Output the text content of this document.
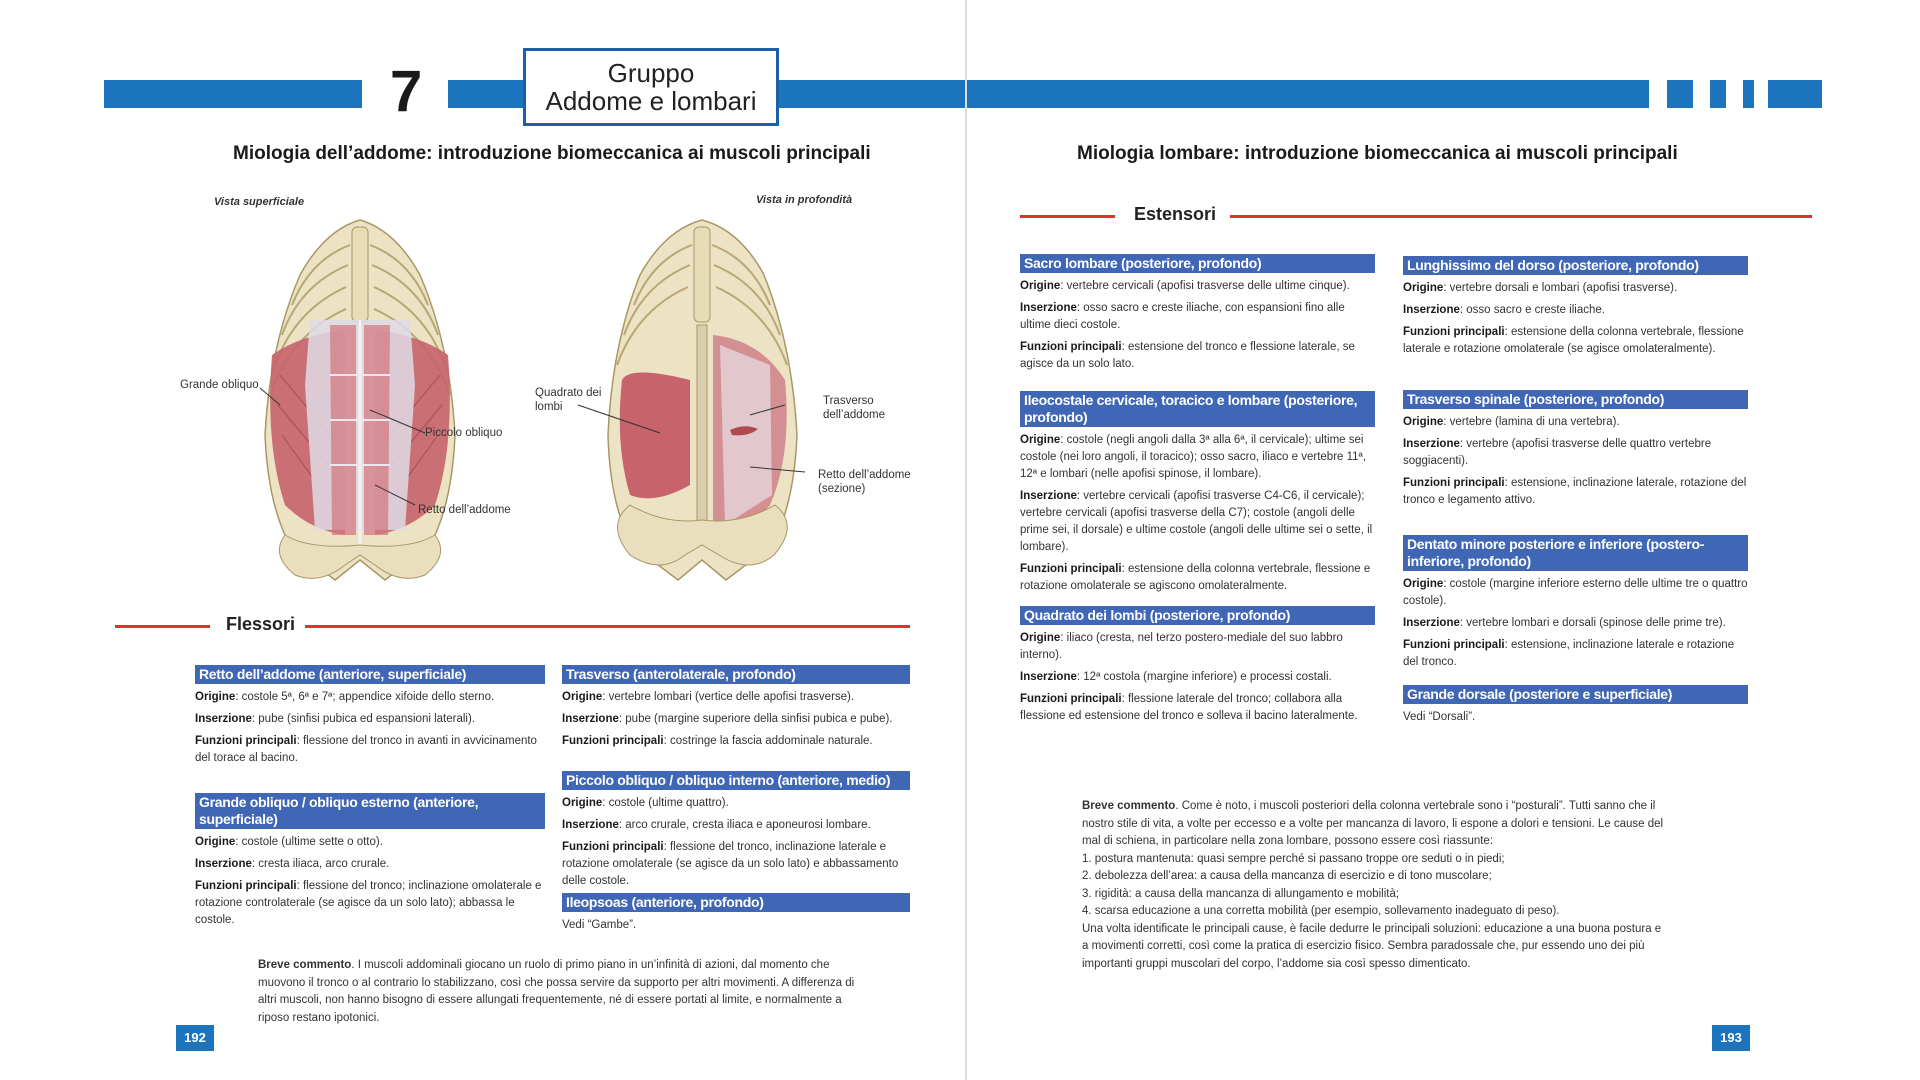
7	Gruppo
Addome e lombari
Miologia dell’addome: introduzione biomeccanica ai muscoli principali
Vista superficiale	Vista in profondità
Grande obliquo
Piccolo obliquo
Retto dell’addome
Quadrato dei
lombi	Trasverso
dell’addome
Retto dell’addome
(sezione)
Flessori
Retto dell’addome (anteriore, superficiale)

Origine: costole 5ª, 6ª e 7ª; appendice xifoide dello sterno.

Inserzione: pube (sinfisi pubica ed espansioni laterali).

Funzioni principali: flessione del tronco in avanti in avvicinamento del torace al bacino.

Trasverso (anterolaterale, profondo)

Origine: vertebre lombari (vertice delle apofisi trasverse).

Inserzione: pube (margine superiore della sinfisi pubica e pube).

Funzioni principali: costringe la fascia addominale naturale.

Grande obliquo / obliquo esterno (anteriore, superficiale)

Origine: costole (ultime sette o otto).

Inserzione: cresta iliaca, arco crurale.

Funzioni principali: flessione del tronco; inclinazione omolaterale e rotazione controlaterale (se agisce da un solo lato); abbassa le costole.

Piccolo obliquo / obliquo interno (anteriore, medio)

Origine: costole (ultime quattro).

Inserzione: arco crurale, cresta iliaca e aponeurosi lombare.

Funzioni principali: flessione del tronco, inclinazione laterale e rotazione omolaterale (se agisce da un solo lato) e abbassamento delle costole.

Ileopsoas (anteriore, profondo)

Vedi “Gambe”.

Breve commento. I muscoli addominali giocano un ruolo di primo piano in un’infinità di azioni, dal momento che muovono il tronco o al contrario lo stabilizzano, così che possa servire da supporto per altri movimenti. A differenza di altri muscoli, non hanno bisogno di essere allungati frequentemente, né di essere portati al limite, e normalmente a riposo restano ipotonici.

192
Miologia lombare: introduzione biomeccanica ai muscoli principali
Estensori
Sacro lombare (posteriore, profondo)

Origine: vertebre cervicali (apofisi trasverse delle ultime cinque).

Inserzione: osso sacro e creste iliache, con espansioni fino alle ultime dieci costole.

Funzioni principali: estensione del tronco e flessione laterale, se agisce da un solo lato.

Lunghissimo del dorso (posteriore, profondo)

Origine: vertebre dorsali e lombari (apofisi trasverse).

Inserzione: osso sacro e creste iliache.

Funzioni principali: estensione della colonna vertebrale, flessione laterale e rotazione omolaterale (se agisce omolateralmente).

Ileocostale cervicale, toracico e lombare (posteriore, profondo)

Origine: costole (negli angoli dalla 3ª alla 6ª, il cervicale); ultime sei costole (nei loro angoli, il toracico); osso sacro, iliaco e vertebre 11ª, 12ª e lombari (nelle apofisi spinose, il lombare).

Inserzione: vertebre cervicali (apofisi trasverse C4-C6, il cervicale); vertebre cervicali (apofisi trasverse della C7); costole (angoli delle prime sei, il dorsale) e ultime costole (angoli delle ultime sei o sette, il lombare).

Funzioni principali: estensione della colonna vertebrale, flessione e rotazione omolaterale se agiscono omolateralmente.

Trasverso spinale (posteriore, profondo)

Origine: vertebre (lamina di una vertebra).

Inserzione: vertebre (apofisi trasverse delle quattro vertebre soggiacenti).

Funzioni principali: estensione, inclinazione laterale, rotazione del tronco e legamento attivo.

Dentato minore posteriore e inferiore (postero-inferiore, profondo)

Origine: costole (margine inferiore esterno delle ultime tre o quattro costole).

Inserzione: vertebre lombari e dorsali (spinose delle prime tre).

Funzioni principali: estensione, inclinazione laterale e rotazione del tronco.

Quadrato dei lombi (posteriore, profondo)

Origine: iliaco (cresta, nel terzo postero-mediale del suo labbro interno).

Inserzione: 12ª costola (margine inferiore) e processi costali.

Funzioni principali: flessione laterale del tronco; collabora alla flessione ed estensione del tronco e solleva il bacino lateralmente.

Grande dorsale (posteriore e superficiale)

Vedi “Dorsali”.

Breve commento. Come è noto, i muscoli posteriori della colonna vertebrale sono i “posturali”. Tutti sanno che il nostro stile di vita, a volte per eccesso e a volte per mancanza di lavoro, li espone a dolori e tensioni. Le cause del mal di schiena, in particolare nella zona lombare, possono essere così riassunte:

1. postura mantenuta: quasi sempre perché si passano troppe ore seduti o in piedi;

2. debolezza dell’area: a causa della mancanza di esercizio e di tono muscolare;

3. rigidità: a causa della mancanza di allungamento e mobilità;

4. scarsa educazione a una corretta mobilità (per esempio, sollevamento inadeguato di peso).

Una volta identificate le principali cause, è facile dedurre le principali soluzioni: educazione a una buona postura e a movimenti corretti, così come la pratica di esercizio fisico. Sembra paradossale che, pur essendo uno dei più importanti gruppi muscolari del corpo, l’addome sia così spesso dimenticato.

193
